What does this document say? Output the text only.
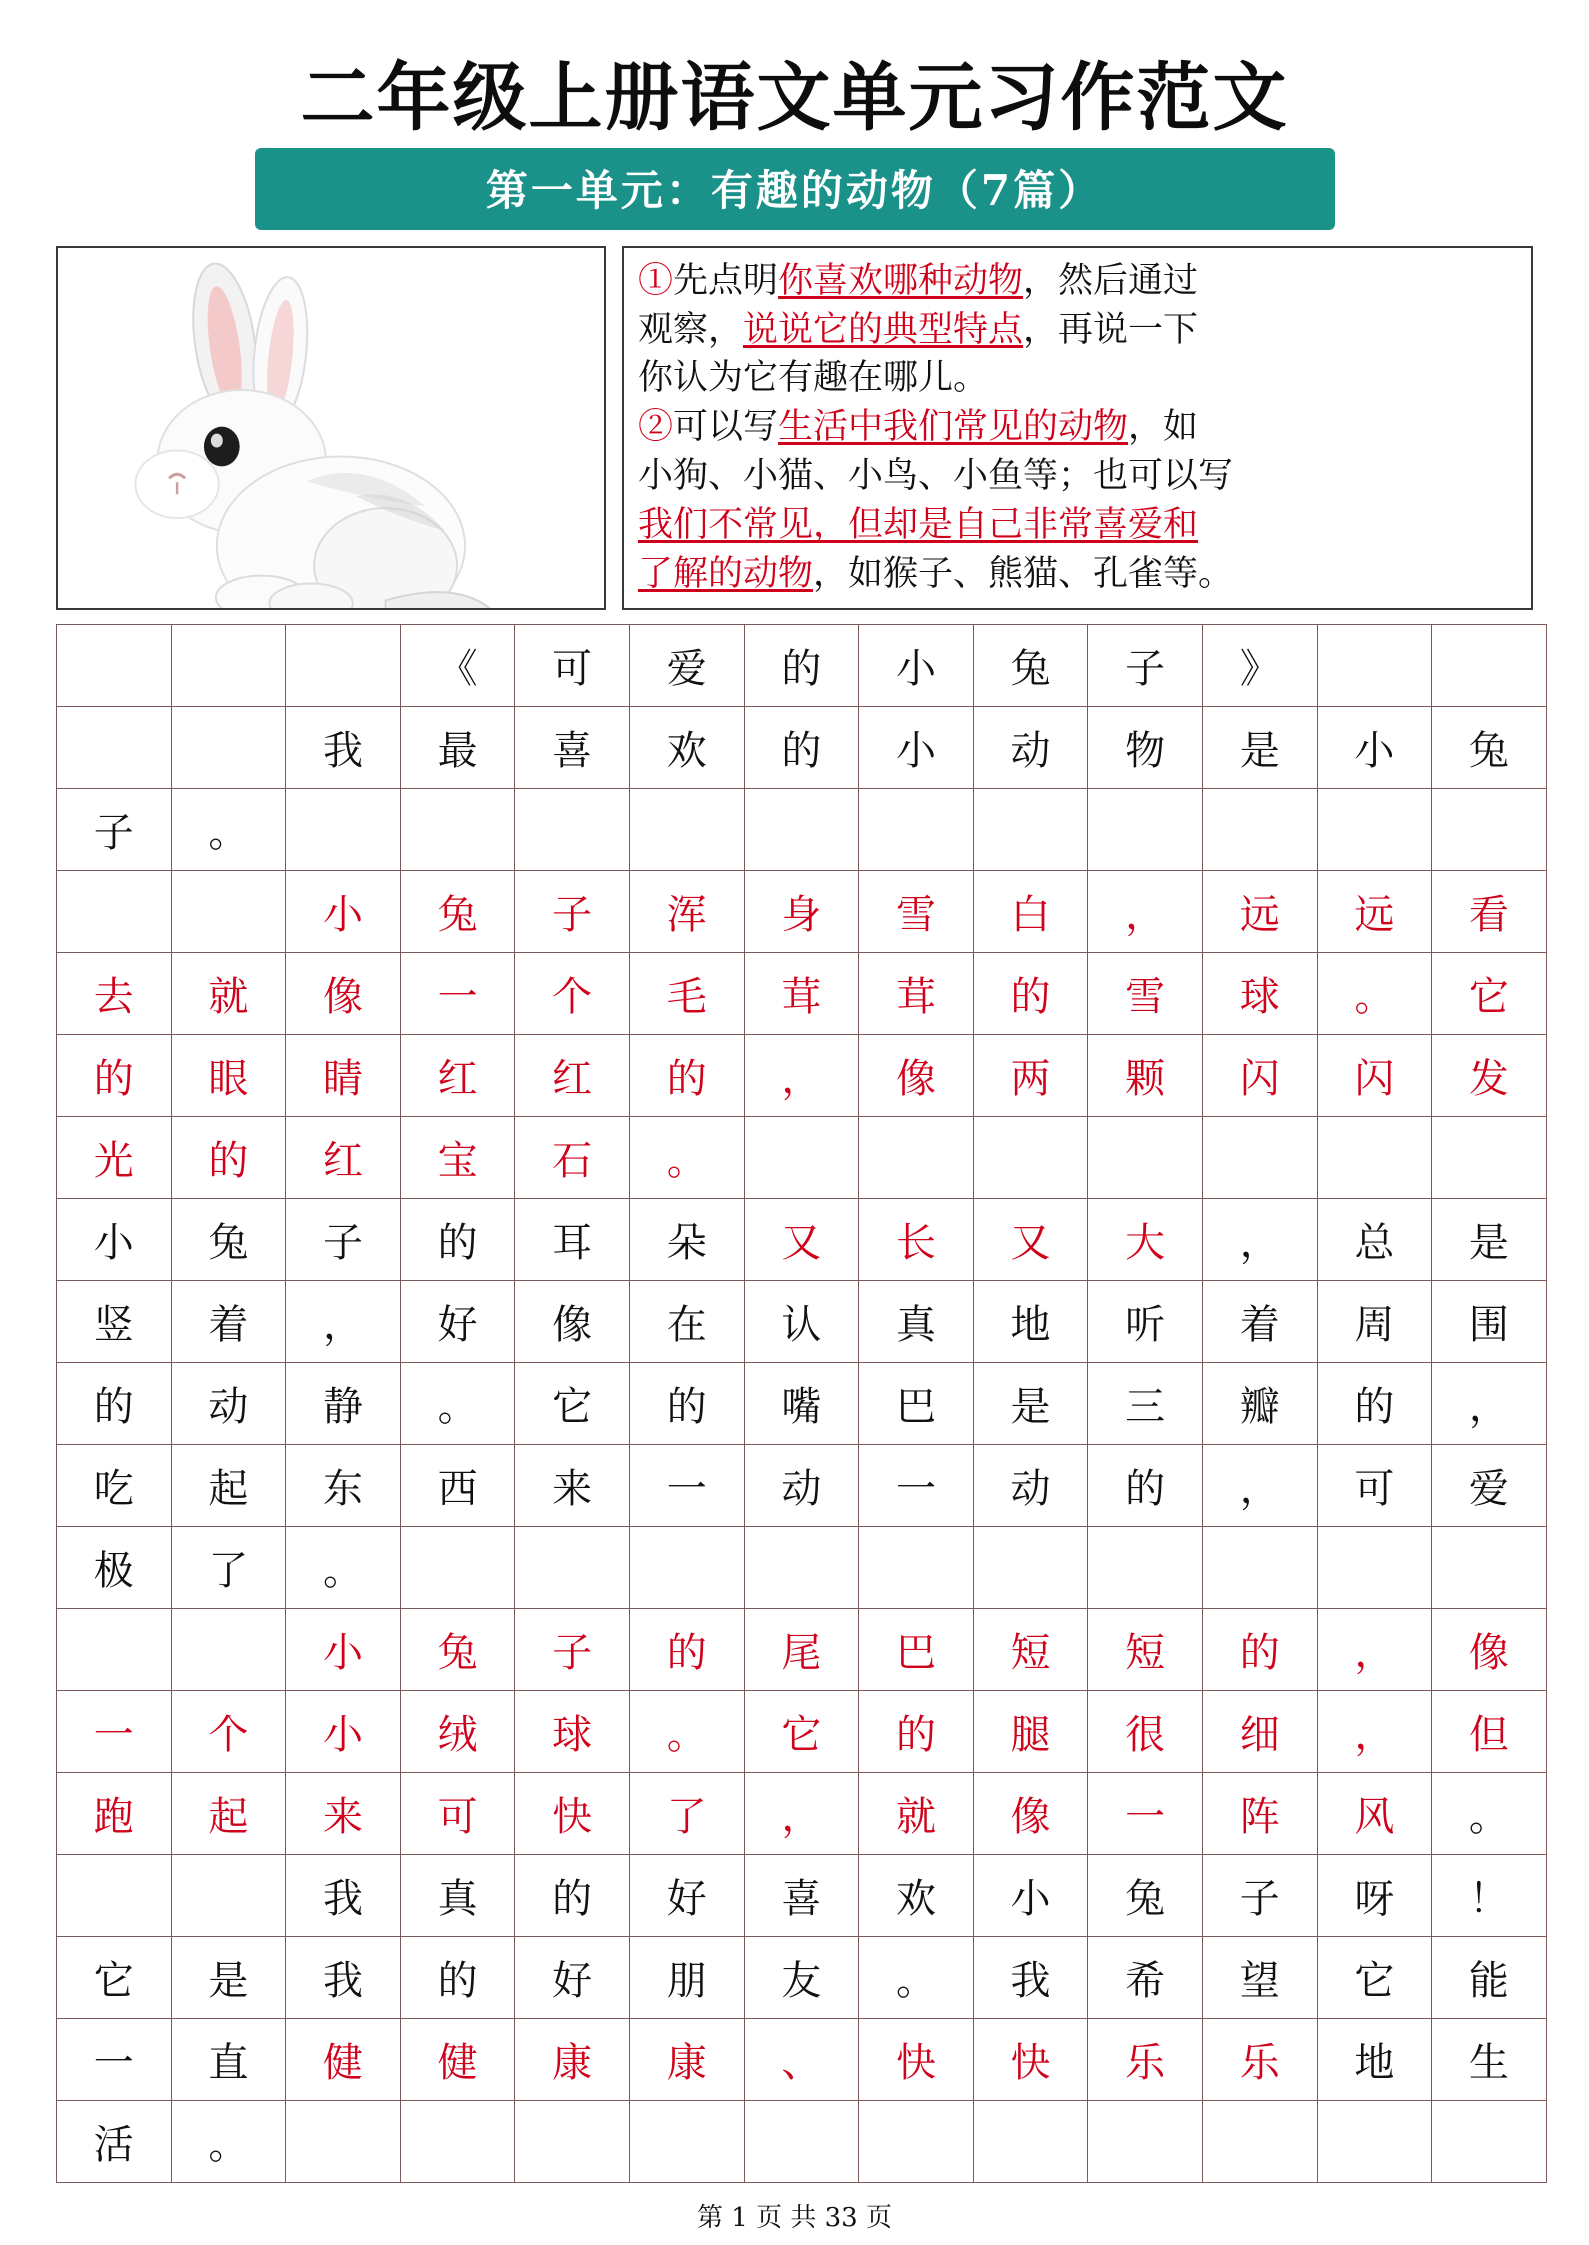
二年级上册语文单元习作范文
第一单元：有趣的动物（7篇）

①先点明你喜欢哪种动物，然后通过

观察，说说它的典型特点，再说一下

你认为它有趣在哪儿。

②可以写生活中我们常见的动物，如

小狗、小猫、小鸟、小鱼等；也可以写

我们不常见，但却是自己非常喜爱和

了解的动物，如猴子、熊猫、孔雀等。

			《	可	爱	的	小	兔	子	》		
		我	最	喜	欢	的	小	动	物	是	小	兔
子	。											
		小	兔	子	浑	身	雪	白	，	远	远	看
去	就	像	一	个	毛	茸	茸	的	雪	球	。	它
的	眼	睛	红	红	的	，	像	两	颗	闪	闪	发
光	的	红	宝	石	。							
小	兔	子	的	耳	朵	又	长	又	大	，	总	是
竖	着	，	好	像	在	认	真	地	听	着	周	围
的	动	静	。	它	的	嘴	巴	是	三	瓣	的	，
吃	起	东	西	来	一	动	一	动	的	，	可	爱
极	了	。										
		小	兔	子	的	尾	巴	短	短	的	，	像
一	个	小	绒	球	。	它	的	腿	很	细	，	但
跑	起	来	可	快	了	，	就	像	一	阵	风	。
		我	真	的	好	喜	欢	小	兔	子	呀	！
它	是	我	的	好	朋	友	。	我	希	望	它	能
一	直	健	健	康	康	、	快	快	乐	乐	地	生
活	。											
第 1 页 共 33 页
